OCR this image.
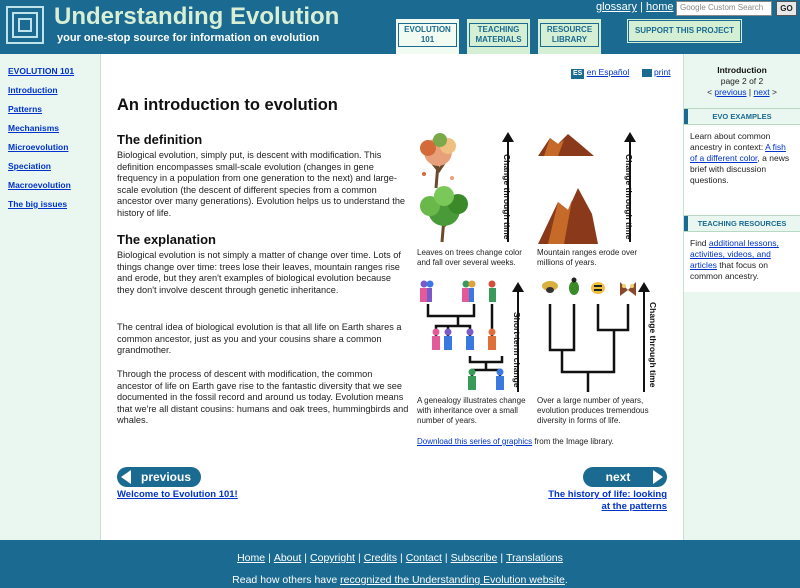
Understanding Evolution
your one-stop source for information on evolution
glossary | home Google Custom Search	GO
EVOLUTION
101
TEACHING
MATERIALS
RESOURCE
LIBRARY
SUPPORT THIS PROJECT
EVOLUTION 101
Introduction
Patterns
Mechanisms
Microevolution
Speciation
Macroevolution
The big issues
ES en Español	print
An introduction to evolution
The definition
Biological evolution, simply put, is descent with modification. This definition encompasses small-scale evolution (changes in gene frequency in a population from one generation to the next) and large-scale evolution (the descent of different species from a common ancestor over many generations). Evolution helps us to understand the history of life.
The explanation
Biological evolution is not simply a matter of change over time. Lots of things change over time: trees lose their leaves, mountain ranges rise and erode, but they aren't examples of biological evolution because they don't involve descent through genetic inheritance.
The central idea of biological evolution is that all life on Earth shares a common ancestor, just as you and your cousins share a common grandmother.
Through the process of descent with modification, the common ancestor of life on Earth gave rise to the fantastic diversity that we see documented in the fossil record and around us today. Evolution means that we're all distant cousins: humans and oak trees, hummingbirds and whales.
Change through time
Leaves on trees change color and fall over several weeks.
Change through time
Mountain ranges erode over millions of years.
Short-term change
A genealogy illustrates change with inheritance over a small number of years.
Change through time
Over a large number of years, evolution produces tremendous diversity in forms of life.
Download this series of graphics from the Image library.
previous	next
Welcome to Evolution 101!	The history of life: looking at the patterns
Introduction
page 2 of 2
< previous | next >
EVO EXAMPLES
Learn about common ancestry in context: A fish of a different color, a news brief with discussion questions.
TEACHING RESOURCES
Find additional lessons, activities, videos, and articles that focus on common ancestry.
Home | About | Copyright | Credits | Contact | Subscribe | Translations
Read how others have recognized the Understanding Evolution website.
